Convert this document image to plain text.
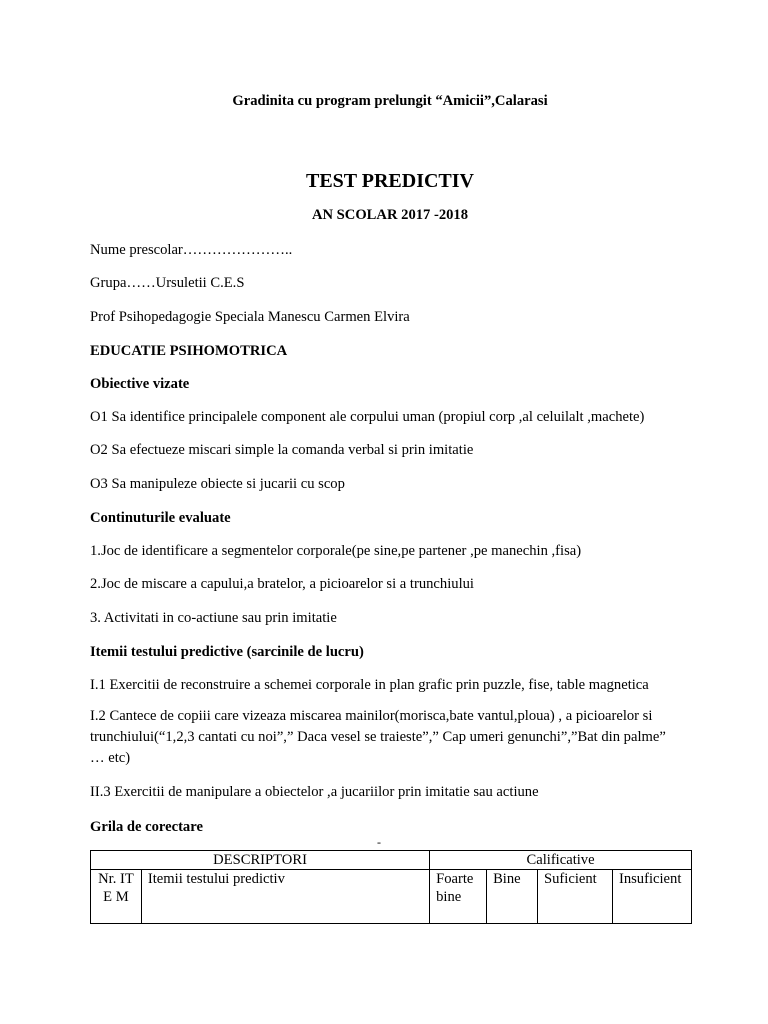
Gradinita cu program prelungit “Amicii”,Calarasi
TEST PREDICTIV
AN SCOLAR 2017 -2018
Nume prescolar…………………..
Grupa……Ursuletii C.E.S
Prof Psihopedagogie Speciala Manescu Carmen Elvira
EDUCATIE PSIHOMOTRICA
Obiective vizate
O1 Sa identifice principalele component ale corpului uman (propiul corp ,al celuilalt ,machete)
O2 Sa efectueze miscari simple la comanda verbal si prin imitatie
O3 Sa manipuleze obiecte si jucarii cu scop
Continuturile evaluate
1.Joc de identificare a segmentelor corporale(pe sine,pe partener ,pe manechin ,fisa)
2.Joc de miscare a capului,a bratelor, a picioarelor si a trunchiului
3. Activitati in co-actiune sau prin imitatie
Itemii testului predictive (sarcinile de lucru)
I.1 Exercitii de reconstruire a schemei corporale in plan grafic prin puzzle, fise, table magnetica
I.2 Cantece de copiii care vizeaza miscarea mainilor(morisca,bate vantul,ploua) , a picioarelor si trunchiului(“1,2,3 cantati cu noi”,” Daca vesel se traieste”,” Cap umeri genunchi”,”Bat din palme” … etc)
II.3 Exercitii de manipulare a obiectelor ,a jucariilor prin imitatie sau actiune
Grila de corectare
-
DESCRIPTORI		Calificative			
Nr. ITE M	Itemii testului predictiv	Foarte bine	Bine	Suficient	Insuficient
